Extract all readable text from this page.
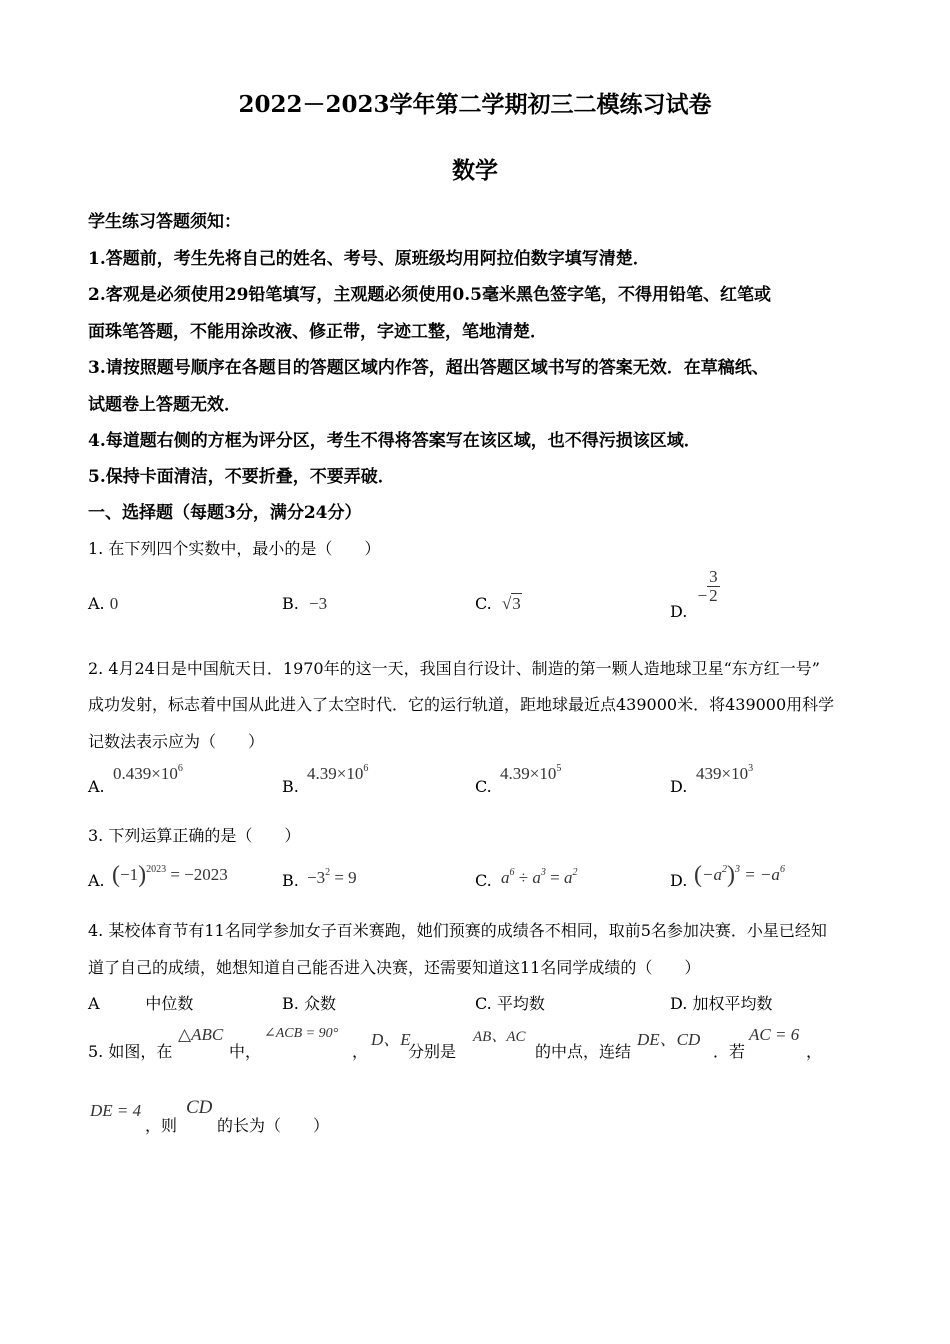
2022－2023学年第二学期初三二模练习试卷
数学
学生练习答题须知：
1.答题前，考生先将自己的姓名、考号、原班级均用阿拉伯数字填写清楚．
2.客观是必须使用29铅笔填写，主观题必须使用0.5毫米黑色签字笔，不得用铅笔、红笔或
面珠笔答题，不能用涂改液、修正带，字迹工整，笔地清楚．
3.请按照题号顺序在各题目的答题区域内作答，超出答题区域书写的答案无效．在草稿纸、
试题卷上答题无效．
4.每道题右侧的方框为评分区，考生不得将答案写在该区域，也不得污损该区域．
5.保持卡面清洁，不要折叠，不要弄破．
一、选择题（每题3分，满分24分）
1. 在下列四个实数中，最小的是（　　）
A. 0	B. −3	C. √3	D.  − $\frac{3}{2}$
2. 4月24日是中国航天日．1970年的这一天，我国自行设计、制造的第一颗人造地球卫星“东方红一号”
成功发射，标志着中国从此进入了太空时代．它的运行轨道，距地球最近点439000米．将439000用科学
记数法表示应为（　　）
A.
$0.439\times 10^6$
B.
$4.39\times 10^6$
C.
$4.39\times 10^5$
D.
$439\times 10^3$
3. 下列运算正确的是（　　）
A. $(-1)^{2023} = -2023$	B. $-3^2 = 9$	C. $a^6 \div a^3 = a^2$	D. $(-a^2)^3 = -a^6$
4. 某校体育节有11名同学参加女子百米赛跑，她们预赛的成绩各不相同，取前5名参加决赛．小星已经知
道了自己的成绩，她想知道自己能否进入决赛，还需要知道这11名同学成绩的（　　）
A	中位数	B. 众数	C. 平均数	D. 加权平均数
5. 如图，在
△ABC
中，
∠ACB = 90°
，
D、E
分别是
AB、AC
的中点，连结
DE、CD
．若
AC = 6
，
DE = 4
，则
CD
的长为（　　）
